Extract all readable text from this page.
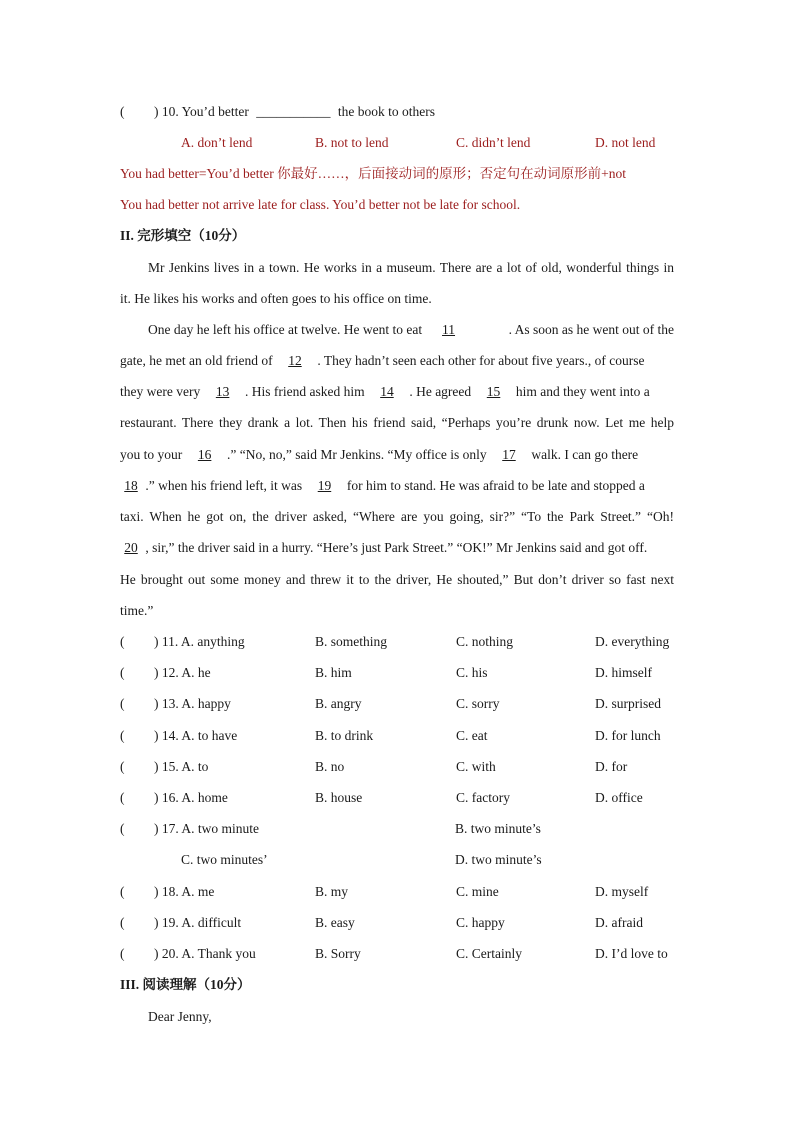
( ) 10. You’d better ___________ the book to others
A. don’t lend	B. not to lend	C. didn’t lend	D. not lend
You had better=You’d better 你最好……，后面接动词的原形；否定句在动词原形前+not
You had better not arrive late for class. You’d better not be late for school.
II. 完形填空（10分）
Mr Jenkins lives in a town. He works in a museum. There are a lot of old, wonderful things in
it. He likes his works and often goes to his office on time.
One day he left his office at twelve. He went to eat 11	. As soon as he went out of the
gate, he met an old friend of 12 . They hadn’t seen each other for about five years., of course
they were very 13 . His friend asked him 14 . He agreed 15 him and they went into a
restaurant. There they drank a lot. Then his friend said, “Perhaps you’re drunk now. Let me help
you to your 16 .” “No, no,” said Mr Jenkins. “My office is only 17 walk. I can go there
18 .” when his friend left, it was 19 for him to stand. He was afraid to be late and stopped a
taxi. When he got on, the driver asked, “Where are you going, sir?” “To the Park Street.” “Oh!
20 , sir,” the driver said in a hurry. “Here’s just Park Street.” “OK!” Mr Jenkins said and got off.
He brought out some money and threw it to the driver, He shouted,” But don’t driver so fast next
time.”
( ) 11. A. anything	B. something	C. nothing	D. everything
( ) 12. A. he	B. him	C. his	D. himself
( ) 13. A. happy	B. angry	C. sorry	D. surprised
( ) 14. A. to have	B. to drink	C. eat	D. for lunch
( ) 15. A. to	B. no	C. with	D. for
( ) 16. A. home	B. house	C. factory	D. office
( ) 17. A. two minute	B. two minute’s
C. two minutes’	D. two minute’s
( ) 18. A. me	B. my	C. mine	D. myself
( ) 19. A. difficult	B. easy	C. happy	D. afraid
( ) 20. A. Thank you	B. Sorry	C. Certainly	D. I’d love to
III. 阅读理解（10分）
Dear Jenny,
